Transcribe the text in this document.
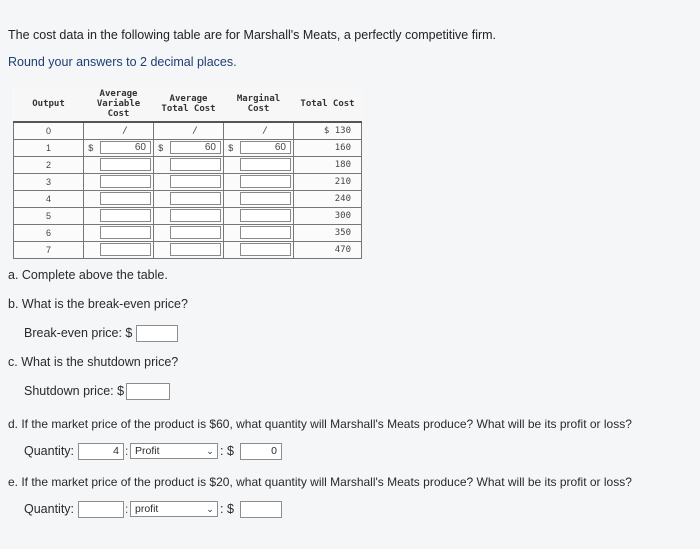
The cost data in the following table are for Marshall's Meats, a perfectly competitive firm.
Round your answers to 2 decimal places.
Output	Average Variable Cost		Average Total Cost		Marginal Cost		Total Cost
0		/		/		/	$ 130
1	$	60	$	60	$	60	160
2							180
3							210
4							240
5							300
6							350
7							470
a. Complete above the table.
b. What is the break-even price?
Break-even price: $
c. What is the shutdown price?
Shutdown price: $
d. If the market price of the product is $60, what quantity will Marshall's Meats produce? What will be its profit or loss?
Quantity:	4 : Profit	⌄ : $	0
e. If the market price of the product is $20, what quantity will Marshall's Meats produce? What will be its profit or loss?
Quantity:	: profit	⌄ : $
